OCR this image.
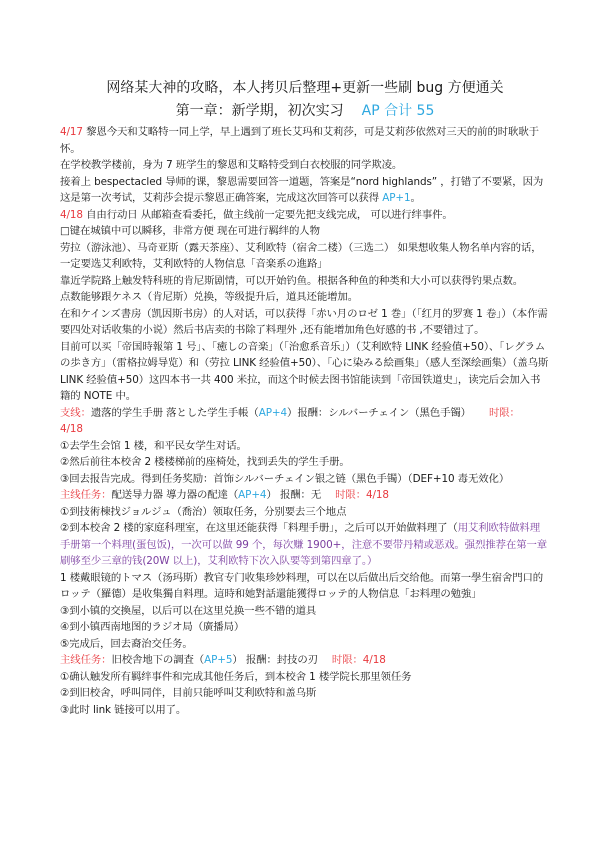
网络某大神的攻略，本人拷贝后整理+更新一些刷 bug 方便通关
第一章：新学期，初次实习 AP 合计 55

4/17 黎恩今天和艾略特一同上学，早上遇到了班长艾玛和艾莉莎，可是艾莉莎依然对三天的前的时耿耿于怀。

在学校教学楼前，身为 7 班学生的黎恩和艾略特受到白衣校服的同学欺凌。

接着上 bespectacled 导师的课，黎恩需要回答一道题，答案是“nord highlands” ，打错了不要紧，因为这是第一次考试，艾莉莎会提示黎恩正确答案，完成这次回答可以获得 AP+1。

4/18 自由行动日 从邮箱查看委托，做主线前一定要先把支线完成， 可以进行绊事件。

□键在城镇中可以瞬移，非常方便 现在可进行羁绊的人物

劳拉（游泳池）、马奇亚斯（露天茶座）、艾利欧特（宿舍二楼）（三选二） 如果想收集人物名单内容的话，一定要选艾利欧特，艾利欧特的人物信息「音楽系の進路」

靠近学院路上触发特科班的肯尼斯剧情，可以开始钓鱼。根据各种鱼的种类和大小可以获得钓果点数。

点数能够跟ケネス（肯尼斯）兑换，等级提升后，道具还能增加。

在和ケインズ書房（凯因斯书房）的人对话，可以获得「赤い月のロゼ 1 巻」（「红月的罗赛 1 卷」）（本作需要四处对话收集的小说）然后书店卖的书除了料理外 ,还有能增加角色好感的书 ,不要错过了。

目前可以买「帝国時報第 1 号」、「癒しの音楽」（「治愈系音乐」）（艾利欧特 LINK 经验值+50）、「レグラムの歩き方」（雷格拉姆导览）和（劳拉 LINK 经验值+50）、「心に染みる絵画集」（感人至深绘画集）（盖乌斯 LINK 经验值+50）这四本书一共 400 米拉，而这个时候去图书馆能读到「帝国铁道史」，读完后会加入书籍的 NOTE 中。

支线：遗落的学生手册 落とした学生手帳（AP+4）报酬：シルバーチェイン（黑色手镯） 时限：
4/18

①去学生会馆 1 楼，和平民女学生对话。

②然后前往本校舍 2 楼楼梯前的座椅处，找到丢失的学生手册。

③回去报告完成。得到任务奖励：首饰シルバーチェイン银之链（黑色手镯）（DEF+10 毒无效化）

主线任务：配送导力器 導力器の配達（AP+4） 报酬：无 时限：4/18

①到技術棟找ジョルジュ（喬治）领取任务，分别要去三个地点

②到本校舍 2 楼的家庭科理室，在这里还能获得「料理手册」，之后可以开始做料理了（用艾利欧特做料理手册第一个料理(蛋包饭)，一次可以做 99 个，每次赚 1900+，注意不要带丹精或恶戏。强烈推荐在第一章刷够至少三章的钱(20W 以上)，艾利欧特下次入队要等到第四章了。）

1 楼戴眼镜的トマス（汤玛斯）教官专门收集珍妙料理，可以在以后做出后交给他。而第一學生宿舍門口的ロッテ（羅德）是收集獨自料理。這時和她對話還能獲得ロッテ的人物信息「お料理の勉強」

③到小镇的交換屋，以后可以在这里兑换一些不错的道具

④到小镇西南地图的ラジオ局（廣播局）

⑤完成后，回去裔治交任务。

主线任务：旧校舎地下の調査（AP+5） 报酬：封技の刃 时限：4/18

①确认触发所有羁绊事件和完成其他任务后，到本校舍 1 楼学院长那里领任务

②到旧校舍，呼叫同伴，目前只能呼叫艾利欧特和盖乌斯

③此时 link 链接可以用了。
